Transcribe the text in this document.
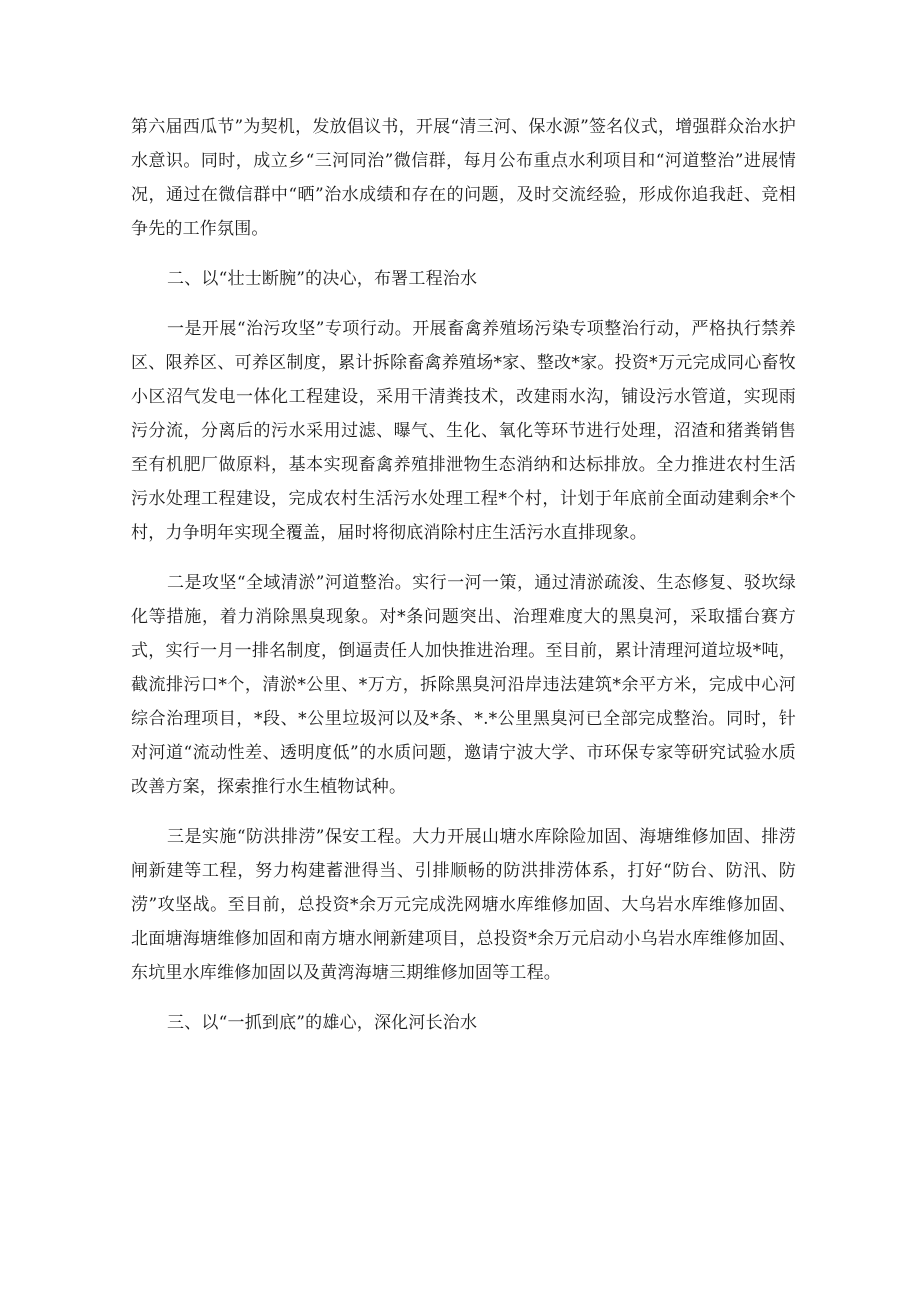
第六届西瓜节”为契机，发放倡议书，开展“清三河、保水源”签名仪式，增强群众治水护水意识。同时，成立乡“三河同治”微信群，每月公布重点水利项目和“河道整治”进展情况，通过在微信群中“晒”治水成绩和存在的问题，及时交流经验，形成你追我赶、竞相争先的工作氛围。

二、以“壮士断腕”的决心，布署工程治水

一是开展“治污攻坚”专项行动。开展畜禽养殖场污染专项整治行动，严格执行禁养区、限养区、可养区制度，累计拆除畜禽养殖场*家、整改*家。投资*万元完成同心畜牧小区沼气发电一体化工程建设，采用干清粪技术，改建雨水沟，铺设污水管道，实现雨污分流，分离后的污水采用过滤、曝气、生化、氧化等环节进行处理，沼渣和猪粪销售至有机肥厂做原料，基本实现畜禽养殖排泄物生态消纳和达标排放。全力推进农村生活污水处理工程建设，完成农村生活污水处理工程*个村，计划于年底前全面动建剩余*个村，力争明年实现全覆盖，届时将彻底消除村庄生活污水直排现象。

二是攻坚“全域清淤”河道整治。实行一河一策，通过清淤疏浚、生态修复、驳坎绿化等措施，着力消除黑臭现象。对*条问题突出、治理难度大的黑臭河，采取擂台赛方式，实行一月一排名制度，倒逼责任人加快推进治理。至目前，累计清理河道垃圾*吨，截流排污口*个，清淤*公里、*万方，拆除黑臭河沿岸违法建筑*余平方米，完成中心河综合治理项目，*段、*公里垃圾河以及*条、*.*公里黑臭河已全部完成整治。同时，针对河道“流动性差、透明度低”的水质问题，邀请宁波大学、市环保专家等研究试验水质改善方案，探索推行水生植物试种。

三是实施“防洪排涝”保安工程。大力开展山塘水库除险加固、海塘维修加固、排涝闸新建等工程，努力构建蓄泄得当、引排顺畅的防洪排涝体系，打好“防台、防汛、防涝”攻坚战。至目前，总投资*余万元完成洗网塘水库维修加固、大乌岩水库维修加固、北面塘海塘维修加固和南方塘水闸新建项目，总投资*余万元启动小乌岩水库维修加固、东坑里水库维修加固以及黄湾海塘三期维修加固等工程。

三、以“一抓到底”的雄心，深化河长治水
